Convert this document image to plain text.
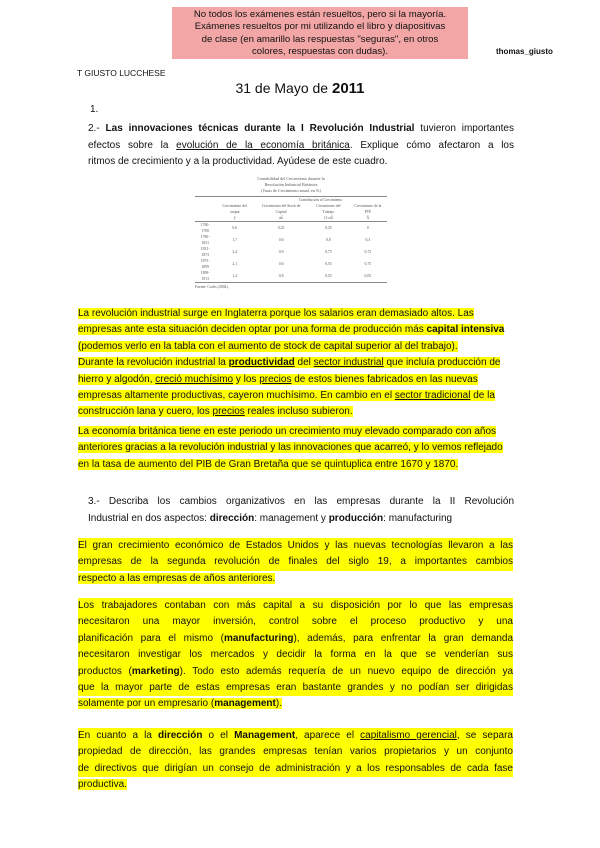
No todos los exámenes están resueltos, pero si la mayoría.
Exámenes resueltos por mi utilizando el libro y diapositivas
de clase (en amarillo las respuestas "seguras", en otros
colores, respuestas con dudas).	thomas_giusto
T GIUSTO LUCCHESE
31 de Mayo de 2011
1.

2.- Las innovaciones técnicas durante la I Revolución Industrial tuvieron importantes

efectos sobre la evolución de la economía británica. Explique cómo afectaron a los

ritmos de crecimiento y a la productividad. Ayúdese de este cuadro.

Contabilidad del Crecimiento durante la
Revolución Industrial Británica
(Tasas de Crecimiento anual, en %)
		Contribución al Crecimiento		
	Crecimiento del output	Crecimiento del Stock de Capital	Crecimiento del Trabajo	Crecimiento de la PTF
	ŷ	αk̂	(1-α)l̂	Â
1760-1780	0,6	0,25	0,35	0
1780-1831	1,7	0,6	0,8	0,3
1831-1873	2,4	0,9	0,75	0,75
1873-1899	2,1	0,6	0,55	0,75
1899-1913	1,4	0,8	0,55	0,05

Fuente: Crafts (2004).

La revolución industrial surge en Inglaterra porque los salarios eran demasiado altos. Las

empresas ante esta situación deciden optar por una forma de producción más capital intensiva

(podemos verlo en la tabla con el aumento de stock de capital superior al del trabajo).

Durante la revolución industrial la productividad del sector industrial que incluía producción de

hierro y algodón, creció muchísimo y los precios de estos bienes fabricados en las nuevas

empresas altamente productivas, cayeron muchísimo. En cambio en el sector tradicional de la

construcción lana y cuero, los precios reales incluso subieron.

La economía británica tiene en este periodo un crecimiento muy elevado comparado con años

anteriores gracias a la revolución industrial y las innovaciones que acarreó, y lo vemos reflejado

en la tasa de aumento del PIB de Gran Bretaña que se quintuplica entre 1670 y 1870.

3.- Describa los cambios organizativos en las empresas durante la II Revolución

Industrial en dos aspectos: dirección: management y producción: manufacturing

El gran crecimiento económico de Estados Unidos y las nuevas tecnologías llevaron a las

empresas de la segunda revolución de finales del siglo 19, a importantes cambios

respecto a las empresas de años anteriores.

Los trabajadores contaban con más capital a su disposición por lo que las empresas

necesitaron una mayor inversión, control sobre el proceso productivo y una

planificación para el mismo (manufacturing), además, para enfrentar la gran demanda

necesitaron investigar los mercados y decidir la forma en la que se venderían sus

productos (marketing). Todo esto además requería de un nuevo equipo de dirección ya

que la mayor parte de estas empresas eran bastante grandes y no podían ser dirigidas

solamente por un empresario (management).

En cuanto a la dirección o el Management, aparece el capitalismo gerencial, se separa

propiedad de dirección, las grandes empresas tenían varios propietarios y un conjunto

de directivos que dirigían un consejo de administración y a los responsables de cada fase

productiva.
